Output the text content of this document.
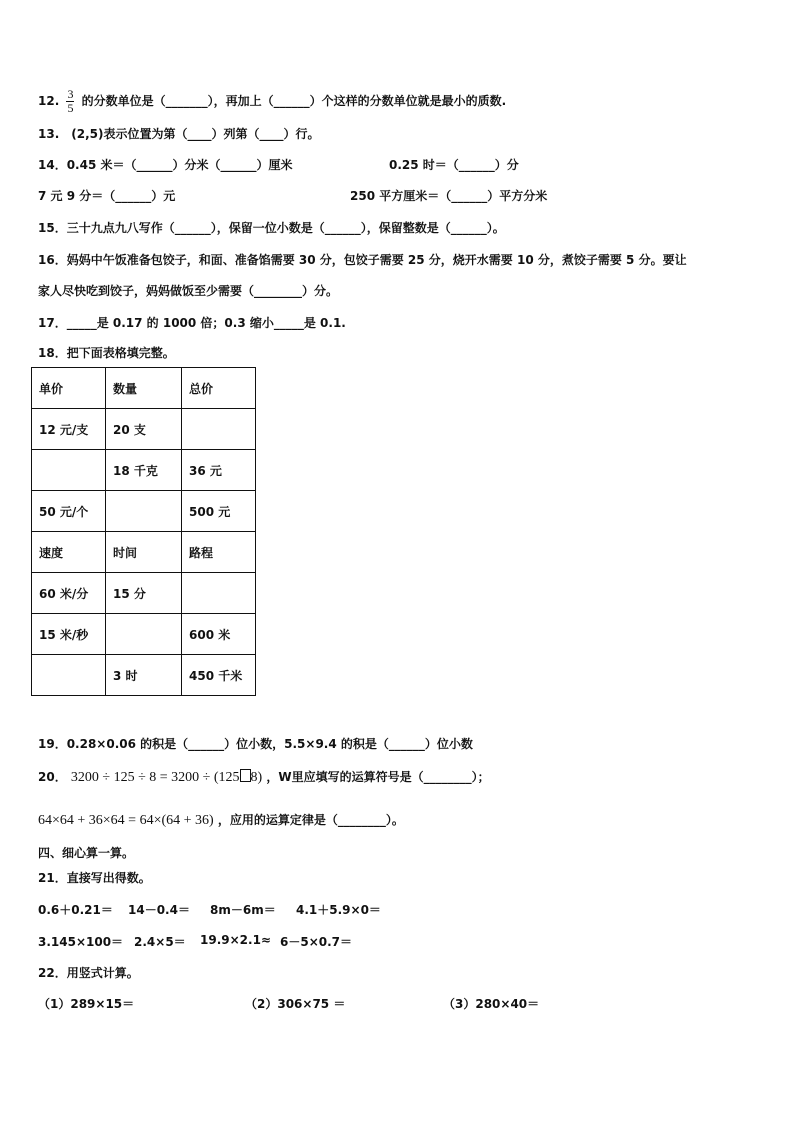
12. $\frac{3}{5}$ 的分数单位是（_______），再加上（______）个这样的分数单位就是最小的质数.
13.　(2,5)表示位置为第（____）列第（____）行。
14．0.45 米＝（______）分米（______）厘米	0.25 时＝（______）分
7 元 9 分＝（______）元	250 平方厘米＝（______）平方分米
15．三十九点九八写作（______），保留一位小数是（______），保留整数是（______）。
16．妈妈中午饭准备包饺子，和面、准备馅需要 30 分，包饺子需要 25 分，烧开水需要 10 分，煮饺子需要 5 分。要让
家人尽快吃到饺子，妈妈做饭至少需要（________）分。
17．_____是 0.17 的 1000 倍；0.3 缩小_____是 0.1.
18．把下面表格填完整。
单价	数量	总价
12 元/支	20 支	
	18 千克	36 元
50 元/个		500 元
速度	时间	路程
60 米/分	15 分	
15 米/秒		600 米
	3 时	450 千米
19．0.28×0.06 的积是（______）位小数，5.5×9.4 的积是（______）位小数
20． 3200 ÷ 125 ÷ 8 = 3200 ÷ (125 8) ，W里应填写的运算符号是（________）；
64×64 + 36×64 = 64×(64 + 36) ，应用的运算定律是（________）。
四、细心算一算。
21．直接写出得数。
0.6＋0.21＝ 14－0.4＝ 8m－6m＝ 4.1＋5.9×0＝
3.145×100＝ 2.4×5＝ 19.9×2.1≈ 6－5×0.7＝
22．用竖式计算。
（1）289×15＝	（2）306×75 ＝	（3）280×40＝
